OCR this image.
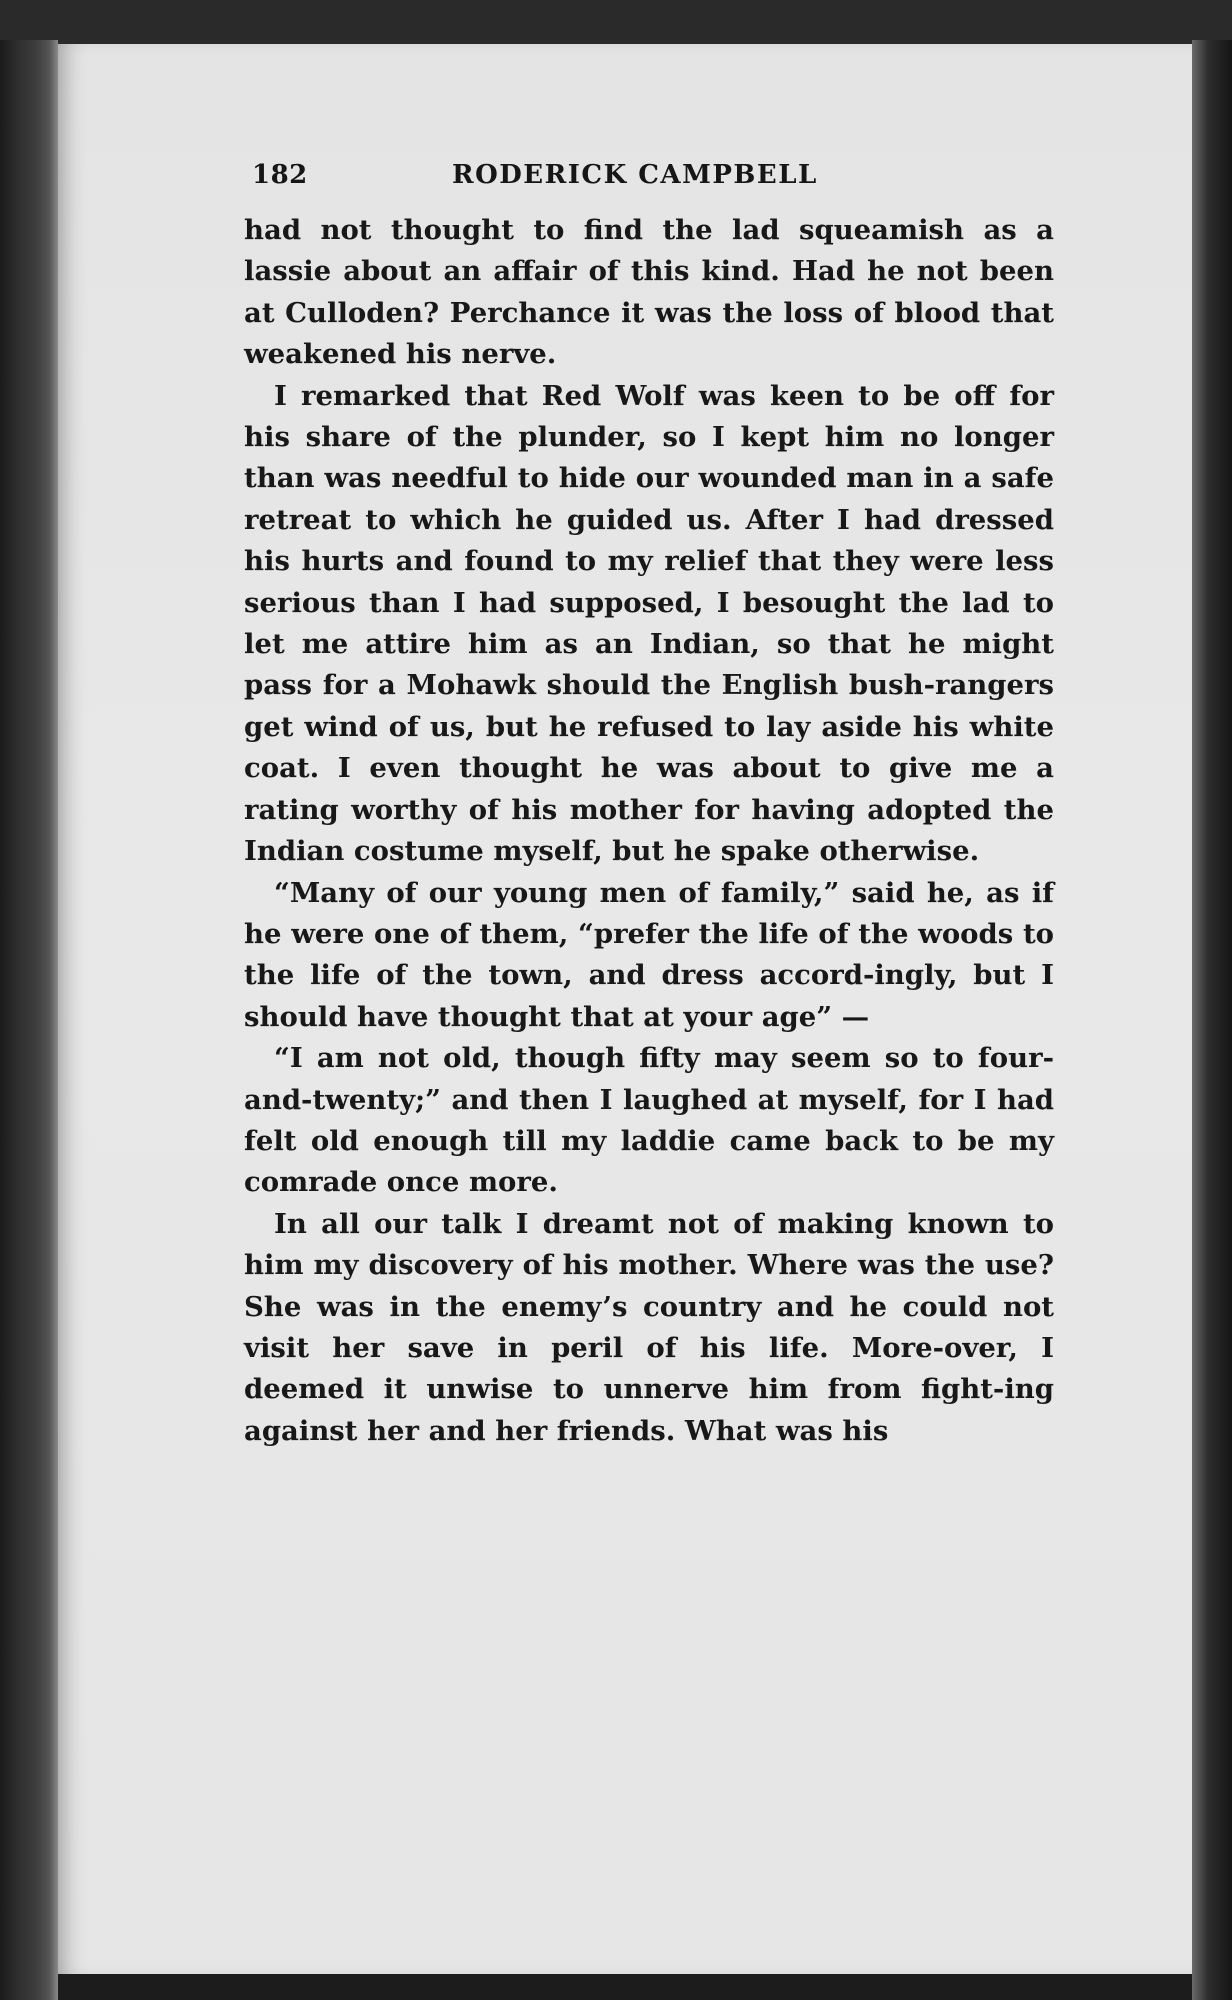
182	RODERICK CAMPBELL

had not thought to find the lad squeamish as a lassie about an affair of this kind. Had he not been at Culloden? Perchance it was the loss of blood that weakened his nerve.

I remarked that Red Wolf was keen to be off for his share of the plunder, so I kept him no longer than was needful to hide our wounded man in a safe retreat to which he guided us. After I had dressed his hurts and found to my relief that they were less serious than I had supposed, I besought the lad to let me attire him as an Indian, so that he might pass for a Mohawk should the English bush-rangers get wind of us, but he refused to lay aside his white coat. I even thought he was about to give me a rating worthy of his mother for having adopted the Indian costume myself, but he spake otherwise.

“Many of our young men of family,” said he, as if he were one of them, “prefer the life of the woods to the life of the town, and dress accord-ingly, but I should have thought that at your age” —

“I am not old, though fifty may seem so to four-and-twenty;” and then I laughed at myself, for I had felt old enough till my laddie came back to be my comrade once more.

In all our talk I dreamt not of making known to him my discovery of his mother. Where was the use? She was in the enemy’s country and he could not visit her save in peril of his life. More-over, I deemed it unwise to unnerve him from fight-ing against her and her friends. What was his
